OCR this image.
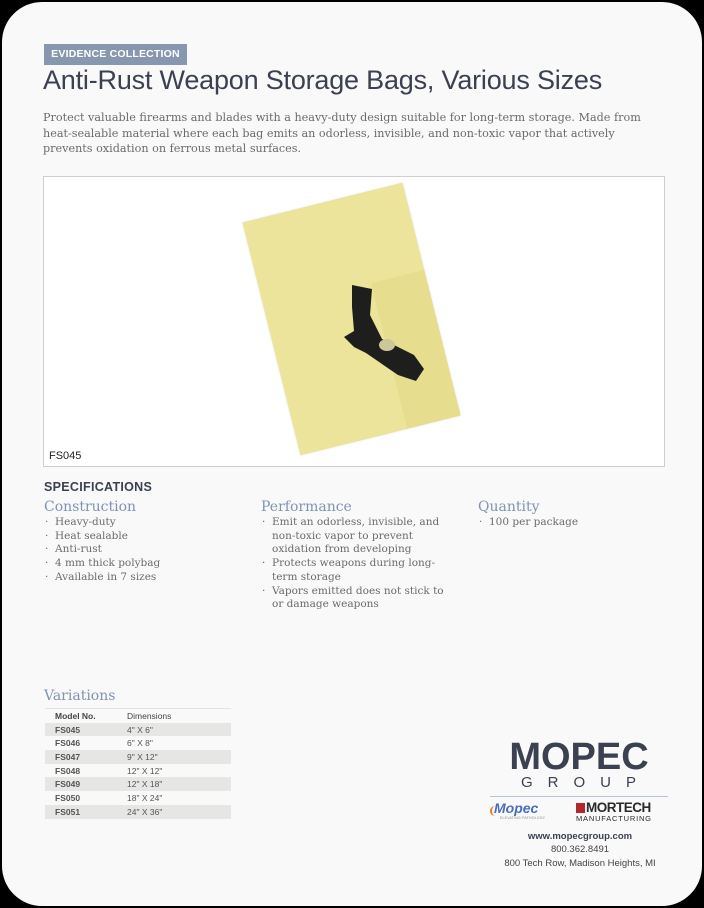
EVIDENCE COLLECTION
Anti-Rust Weapon Storage Bags, Various Sizes
Protect valuable firearms and blades with a heavy-duty design suitable for long-term storage. Made from heat-sealable material where each bag emits an odorless, invisible, and non-toxic vapor that actively prevents oxidation on ferrous metal surfaces.
FS045
SPECIFICATIONS
Construction
· Heavy-duty
· Heat sealable
· Anti-rust
· 4 mm thick polybag
· Available in 7 sizes
Performance
· Emit an odorless, invisible, and non-toxic vapor to prevent oxidation from developing
· Protects weapons during long-term storage
· Vapors emitted does not stick to or damage weapons
Quantity
· 100 per package
Variations
Model No.	Dimensions
FS045	4" X 6"
FS046	6" X 8"
FS047	9" X 12"
FS048	12" X 12"
FS049	12" X 18"
FS050	18" X 24"
FS051	24" X 36"
MOPEC
GROUP
Mopec
ELEVATING PATHOLOGY
MORTECH
MANUFACTURING
www.mopecgroup.com
800.362.8491
800 Tech Row, Madison Heights, MI
